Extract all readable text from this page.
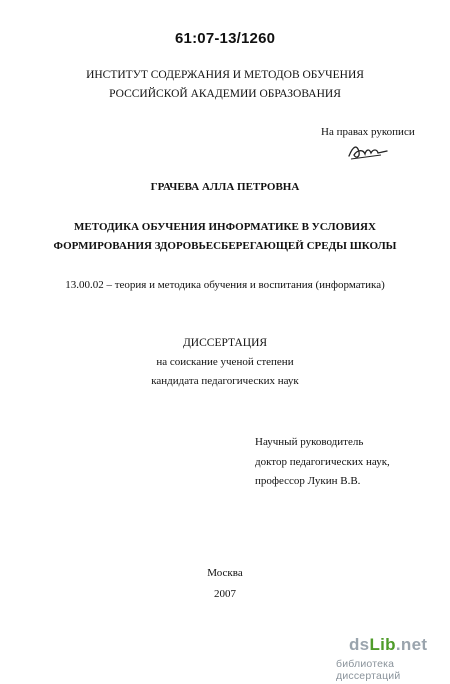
61:07-13/1260
ИНСТИТУТ СОДЕРЖАНИЯ И МЕТОДОВ ОБУЧЕНИЯ
РОССИЙСКОЙ АКАДЕМИИ ОБРАЗОВАНИЯ
На правах рукописи
ГРАЧЕВА АЛЛА ПЕТРОВНА
МЕТОДИКА ОБУЧЕНИЯ ИНФОРМАТИКЕ В УСЛОВИЯХ
ФОРМИРОВАНИЯ ЗДОРОВЬЕСБЕРЕГАЮЩЕЙ СРЕДЫ ШКОЛЫ
13.00.02 – теория и методика обучения и воспитания (информатика)
ДИССЕРТАЦИЯ
на соискание ученой степени
кандидата педагогических наук
Научный руководитель
доктор педагогических наук,
профессор Лукин В.В.
Москва
2007
dsLib.net
библиотека диссертаций
